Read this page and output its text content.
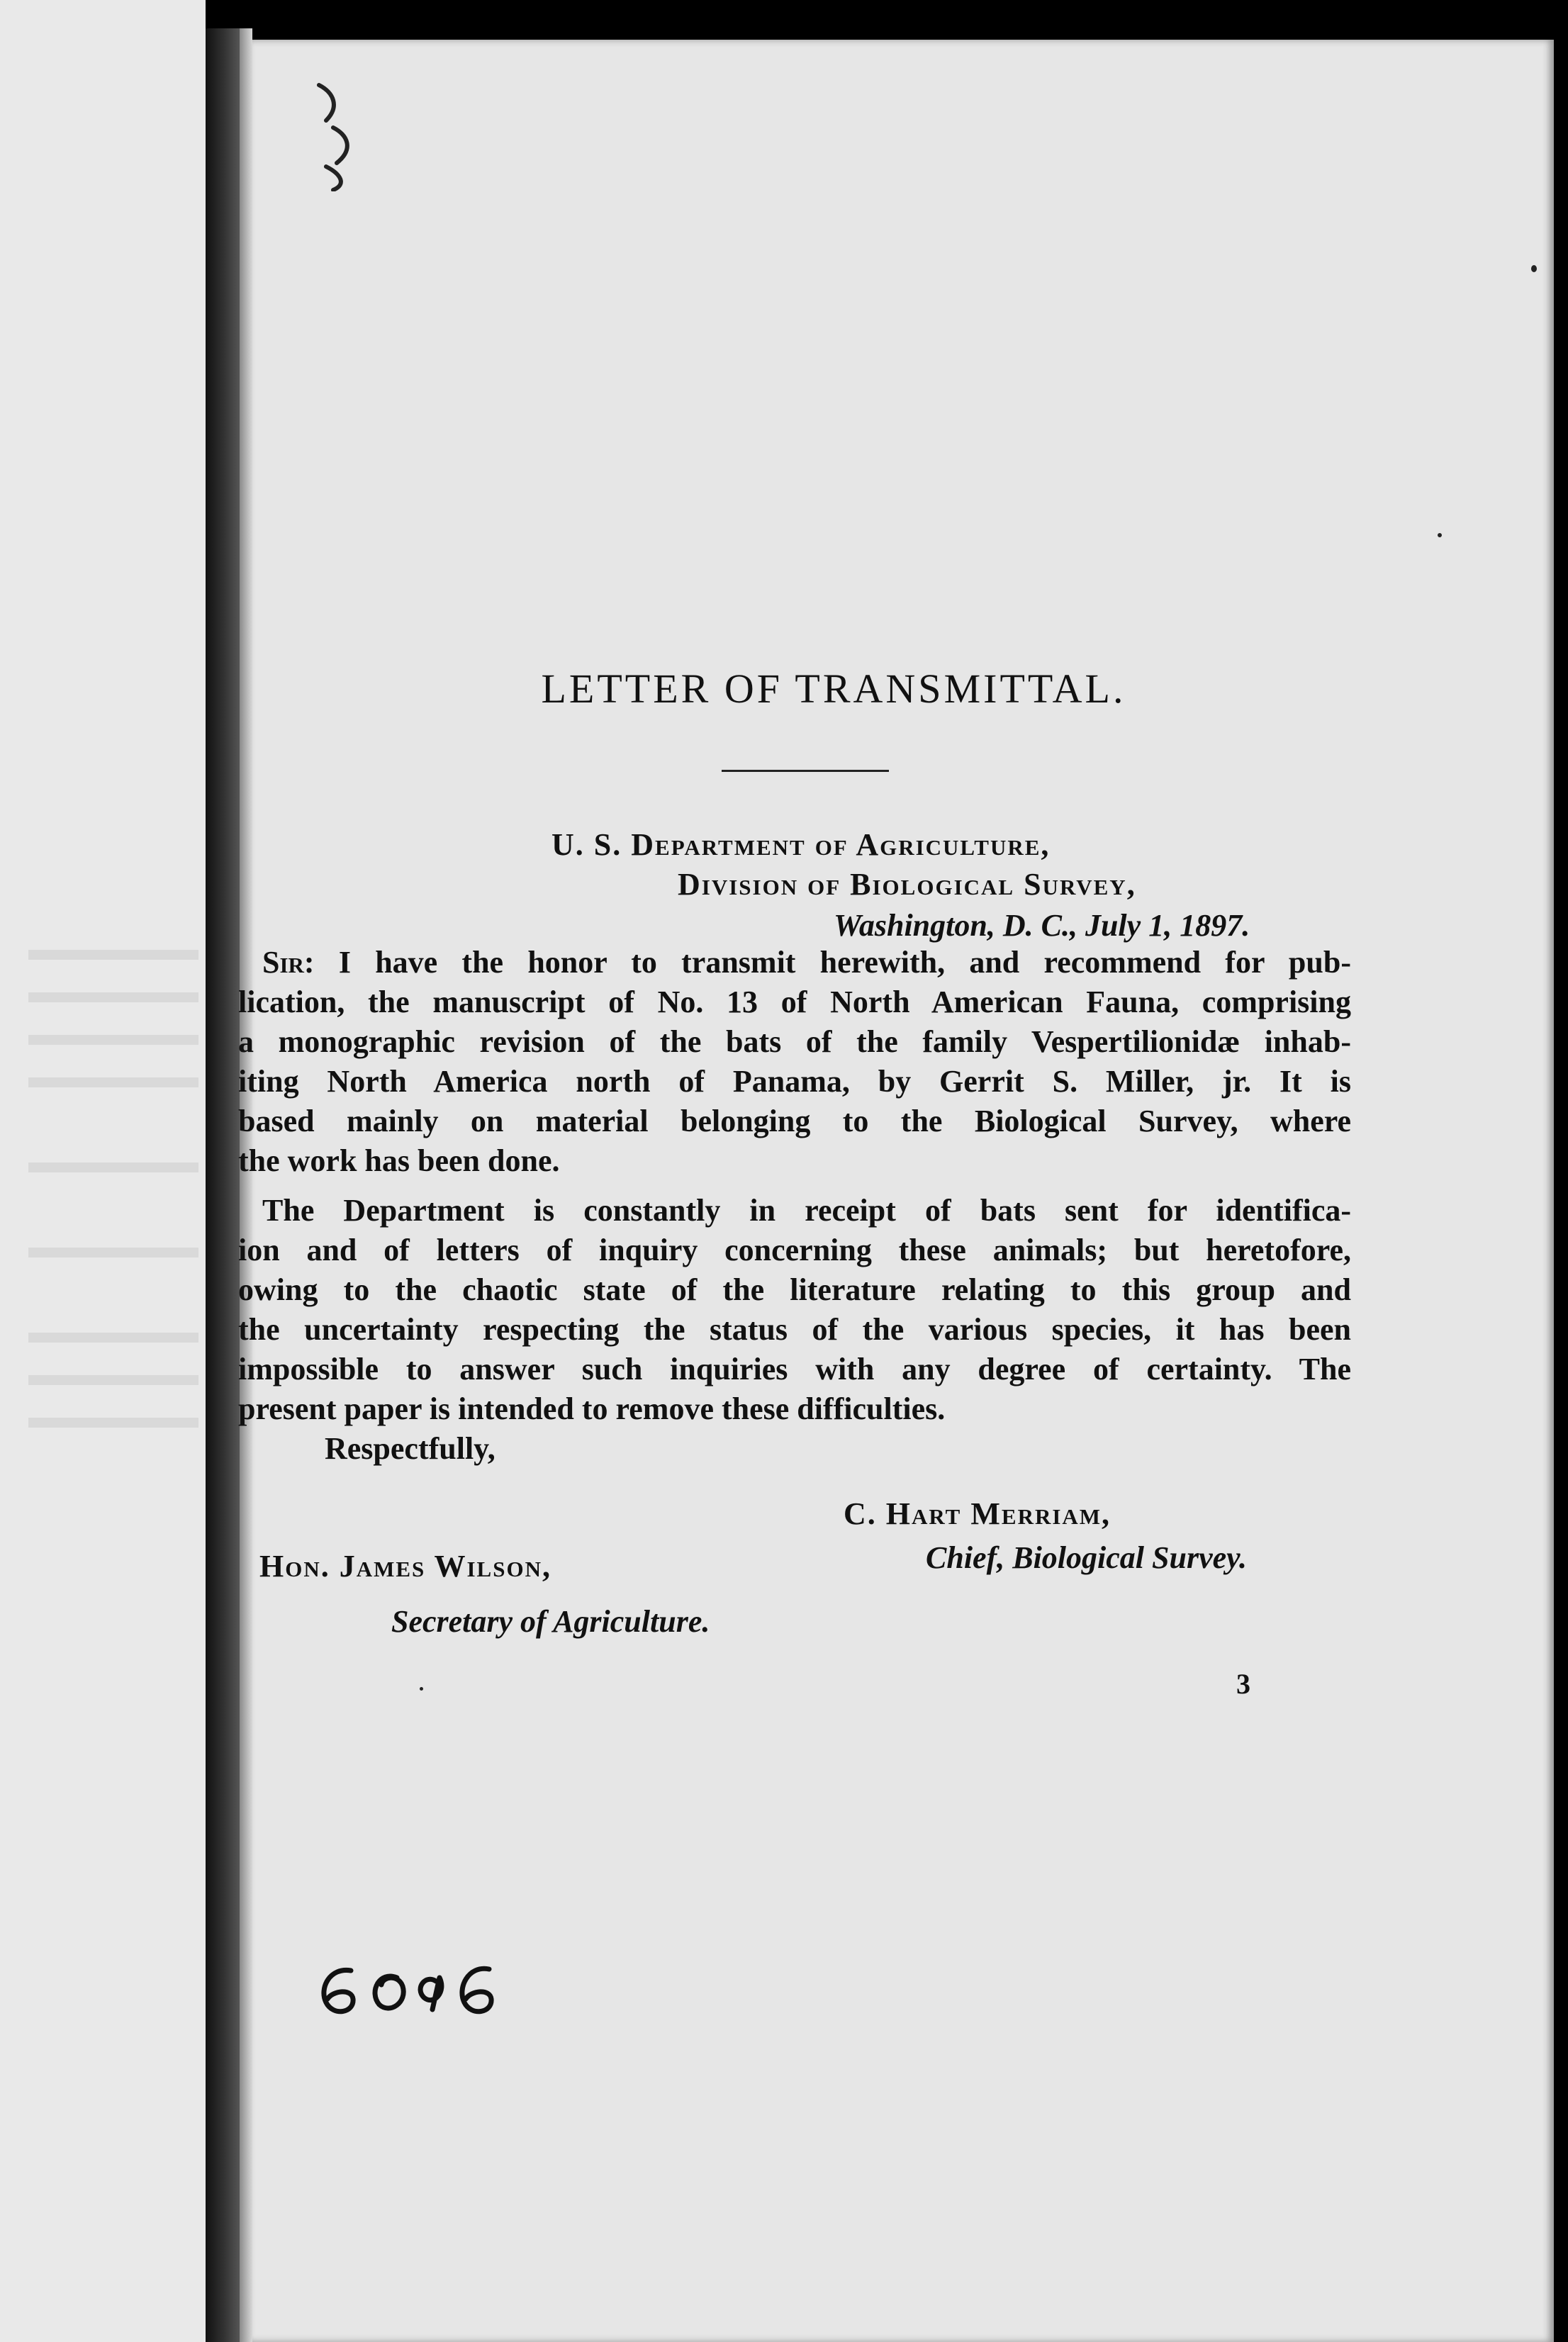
LETTER OF TRANSMITTAL.
U. S. Department of Agriculture,
Division of Biological Survey,
Washington, D. C., July 1, 1897.
Sir: I have the honor to transmit herewith, and recommend for pub-
lication, the manuscript of No. 13 of North American Fauna, comprising
a monographic revision of the bats of the family Vespertilionidæ inhab-
iting North America north of Panama, by Gerrit S. Miller, jr. It is
based mainly on material belonging to the Biological Survey, where
the work has been done.
The Department is constantly in receipt of bats sent for identifica-
ion and of letters of inquiry concerning these animals; but heretofore,
owing to the chaotic state of the literature relating to this group and
the uncertainty respecting the status of the various species, it has been
impossible to answer such inquiries with any degree of certainty. The
present paper is intended to remove these difficulties.
Respectfully,
C. Hart Merriam,
Chief, Biological Survey.
Hon. James Wilson,
Secretary of Agriculture.
3
